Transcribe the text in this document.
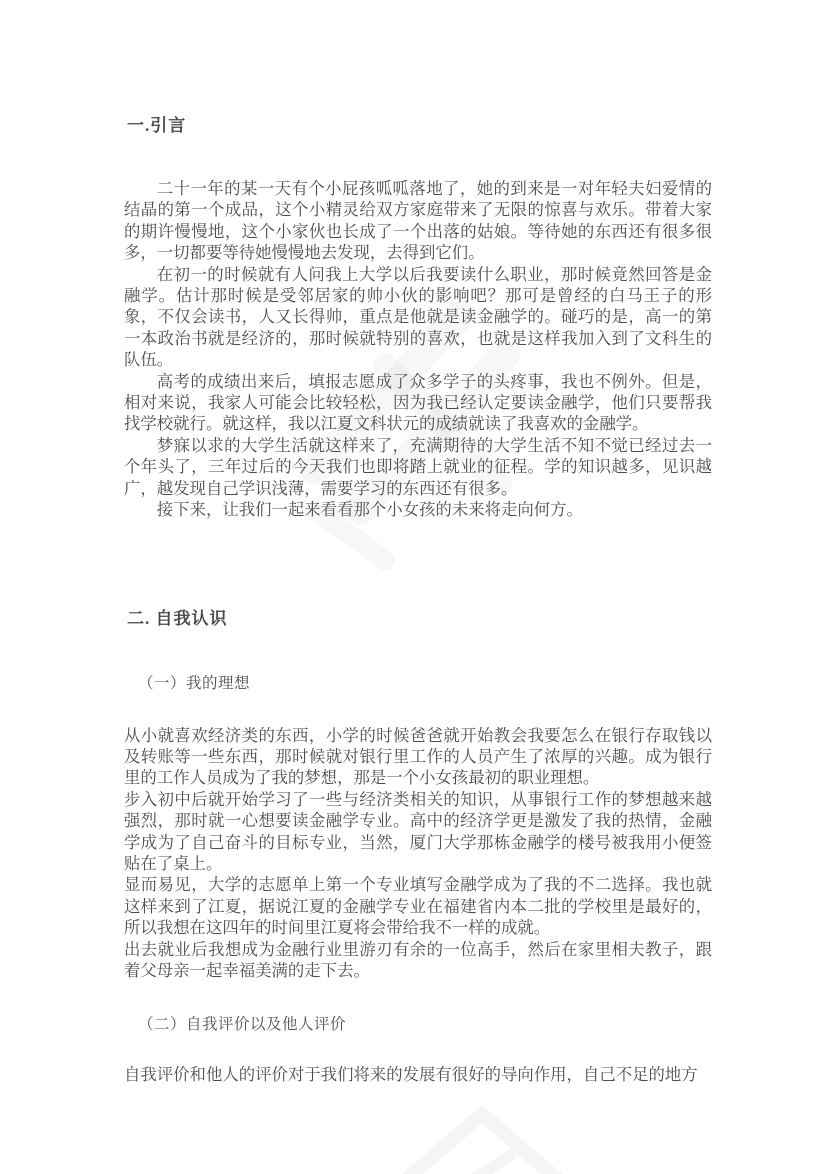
一.引言

二十一年的某一天有个小屁孩呱呱落地了，她的到来是一对年轻夫妇爱情的结晶的第一个成品，这个小精灵给双方家庭带来了无限的惊喜与欢乐。带着大家的期许慢慢地，这个小家伙也长成了一个出落的姑娘。等待她的东西还有很多很多，一切都要等待她慢慢地去发现，去得到它们。

在初一的时候就有人问我上大学以后我要读什么职业，那时候竟然回答是金融学。估计那时候是受邻居家的帅小伙的影响吧？那可是曾经的白马王子的形象，不仅会读书，人又长得帅，重点是他就是读金融学的。碰巧的是，高一的第一本政治书就是经济的，那时候就特别的喜欢，也就是这样我加入到了文科生的队伍。

高考的成绩出来后，填报志愿成了众多学子的头疼事，我也不例外。但是，相对来说，我家人可能会比较轻松，因为我已经认定要读金融学，他们只要帮我找学校就行。就这样，我以江夏文科状元的成绩就读了我喜欢的金融学。

梦寐以求的大学生活就这样来了，充满期待的大学生活不知不觉已经过去一个年头了，三年过后的今天我们也即将踏上就业的征程。学的知识越多，见识越广，越发现自己学识浅薄，需要学习的东西还有很多。

接下来，让我们一起来看看那个小女孩的未来将走向何方。

二. 自我认识
（一）我的理想

从小就喜欢经济类的东西，小学的时候爸爸就开始教会我要怎么在银行存取钱以及转账等一些东西，那时候就对银行里工作的人员产生了浓厚的兴趣。成为银行里的工作人员成为了我的梦想，那是一个小女孩最初的职业理想。

步入初中后就开始学习了一些与经济类相关的知识，从事银行工作的梦想越来越强烈，那时就一心想要读金融学专业。高中的经济学更是激发了我的热情，金融学成为了自己奋斗的目标专业，当然，厦门大学那栋金融学的楼号被我用小便签贴在了桌上。

显而易见，大学的志愿单上第一个专业填写金融学成为了我的不二选择。我也就这样来到了江夏，据说江夏的金融学专业在福建省内本二批的学校里是最好的，所以我想在这四年的时间里江夏将会带给我不一样的成就。

出去就业后我想成为金融行业里游刃有余的一位高手，然后在家里相夫教子，跟着父母亲一起幸福美满的走下去。

（二）自我评价以及他人评价

自我评价和他人的评价对于我们将来的发展有很好的导向作用，自己不足的地方
